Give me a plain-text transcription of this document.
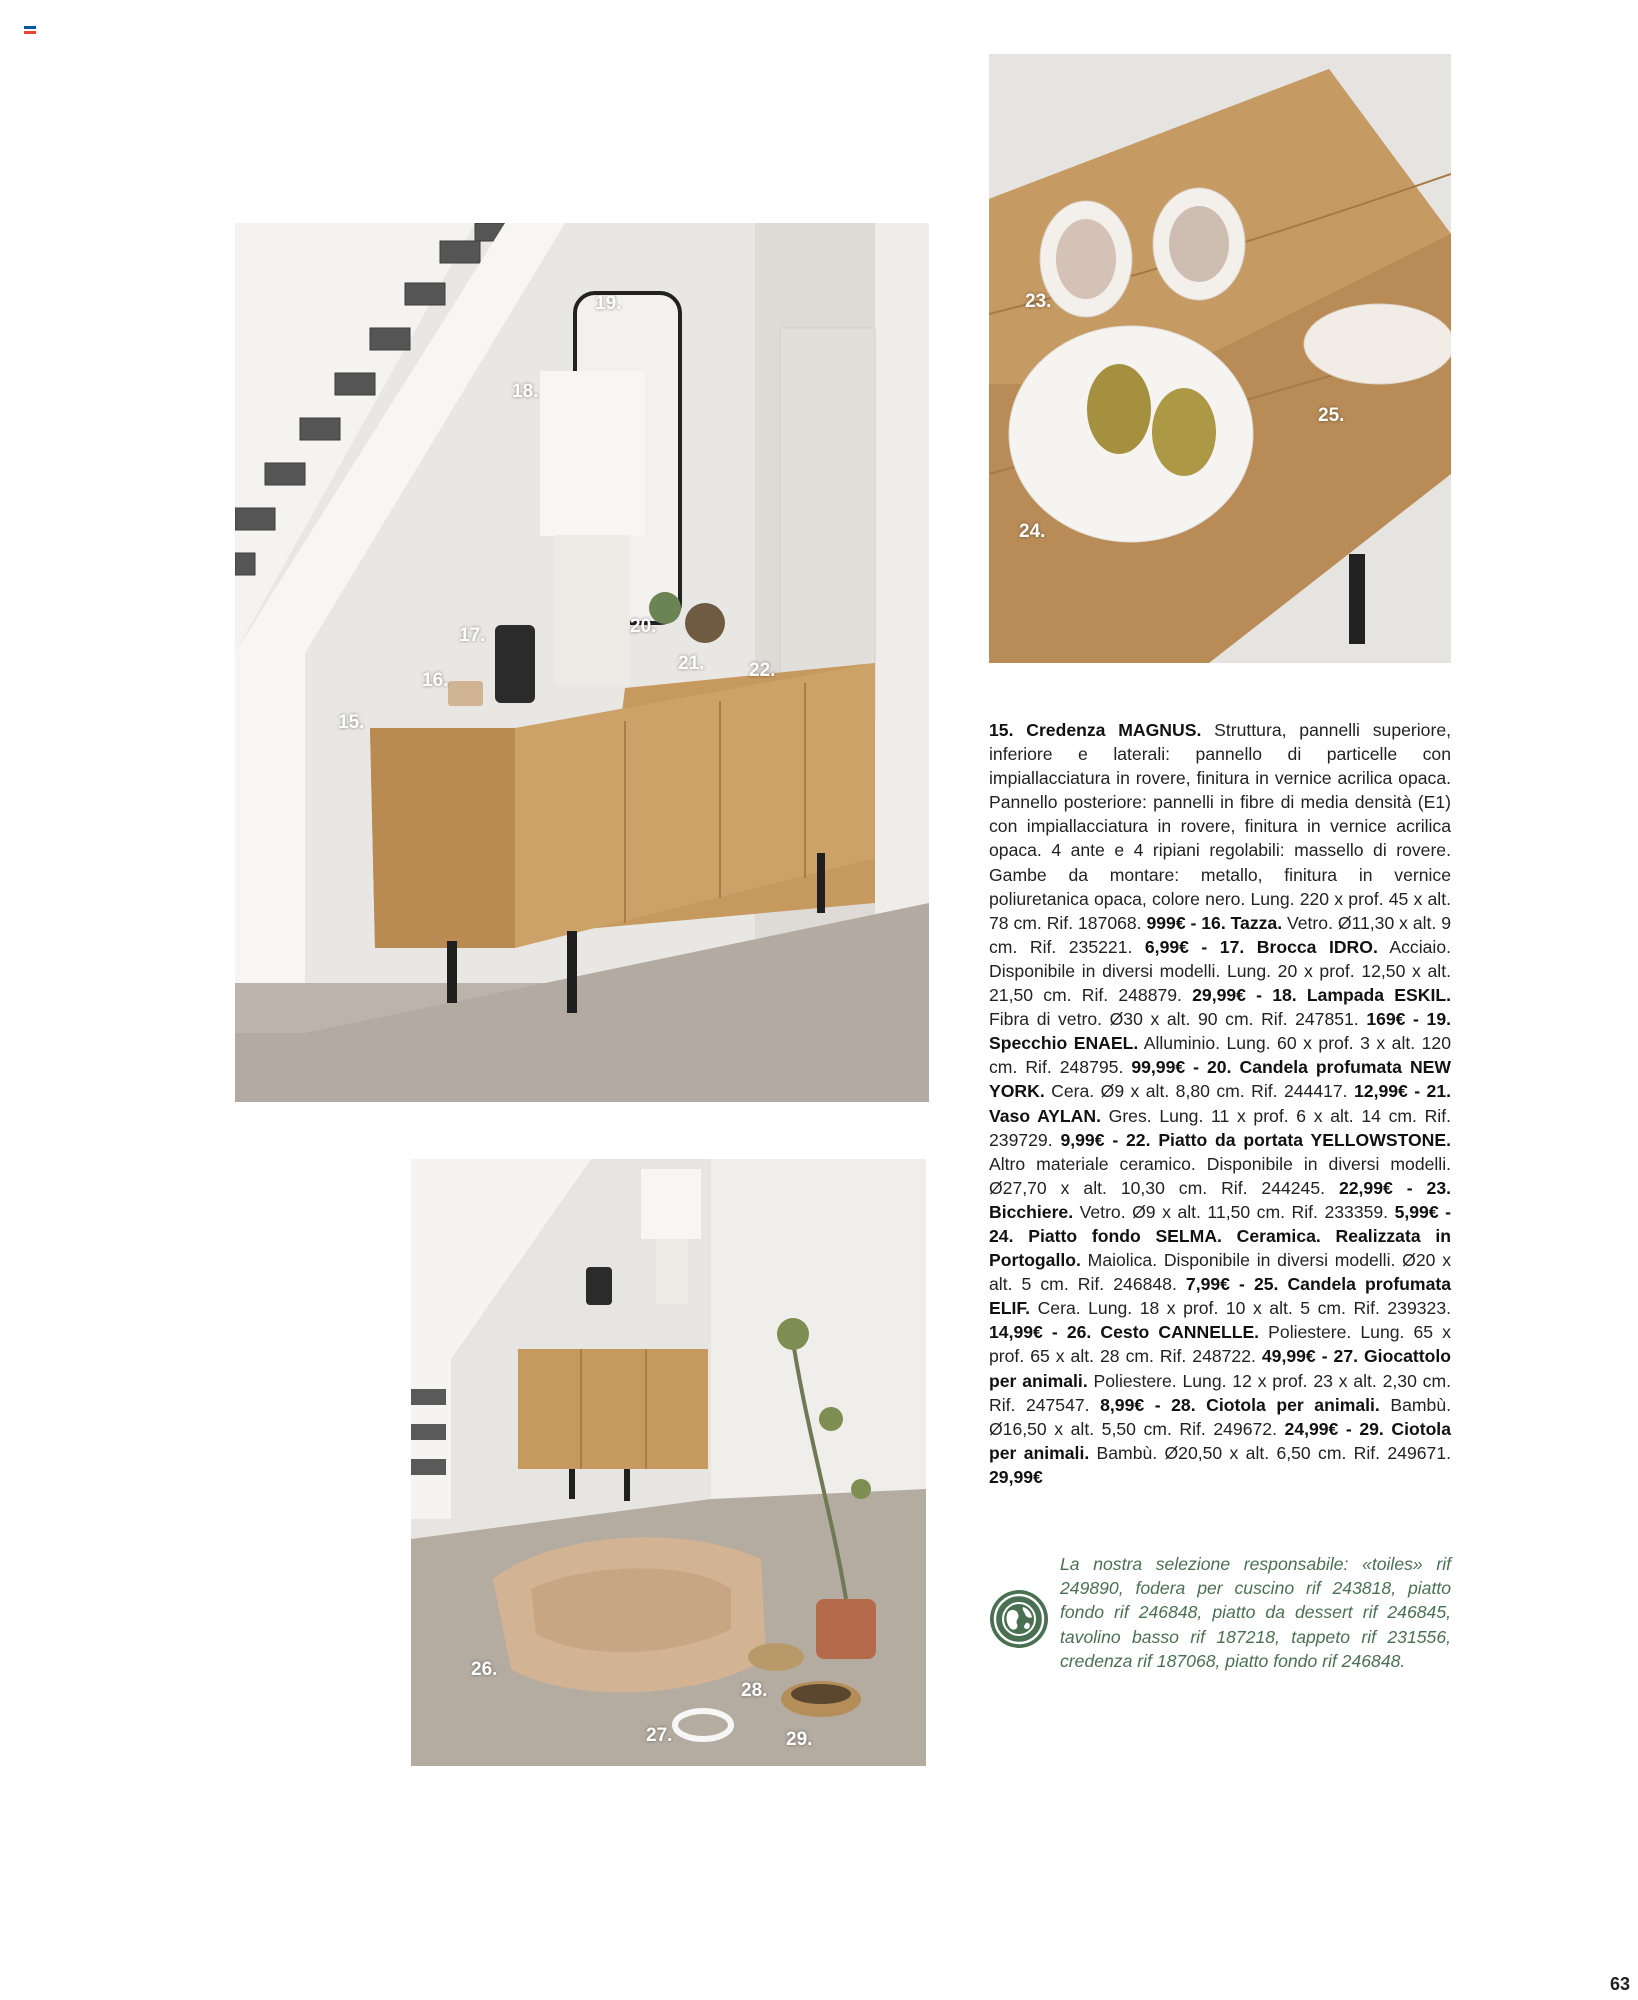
19.
18.
17.
16.
15.
20.
21. 22.
23.
25.
24.
26.
28.
27.	29.
15. Credenza MAGNUS. Struttura, pannelli superiore, inferiore e laterali: pannello di particelle con impiallacciatura in rovere, finitura in vernice acrilica opaca. Pannello posteriore: pannelli in fibre di media densità (E1) con impiallacciatura in rovere, finitura in vernice acrilica opaca. 4 ante e 4 ripiani regolabili: massello di rovere. Gambe da montare: metallo, finitura in vernice poliuretanica opaca, colore nero. Lung. 220 x prof. 45 x alt. 78 cm. Rif. 187068. 999€ - 16. Tazza. Vetro. Ø11,30 x alt. 9 cm. Rif. 235221. 6,99€ - 17. Brocca IDRO. Acciaio. Disponibile in diversi modelli. Lung. 20 x prof. 12,50 x alt. 21,50 cm. Rif. 248879. 29,99€ - 18. Lampada ESKIL. Fibra di vetro. Ø30 x alt. 90 cm. Rif. 247851. 169€ - 19. Specchio ENAEL. Alluminio. Lung. 60 x prof. 3 x alt. 120 cm. Rif. 248795. 99,99€ - 20. Candela profumata NEW YORK. Cera. Ø9 x alt. 8,80 cm. Rif. 244417. 12,99€ - 21. Vaso AYLAN. Gres. Lung. 11 x prof. 6 x alt. 14 cm. Rif. 239729. 9,99€ - 22. Piatto da portata YELLOWSTONE. Altro materiale ceramico. Disponibile in diversi modelli. Ø27,70 x alt. 10,30 cm. Rif. 244245. 22,99€ - 23. Bicchiere. Vetro. Ø9 x alt. 11,50 cm. Rif. 233359. 5,99€ - 24. Piatto fondo SELMA. Ceramica. Realizzata in Portogallo. Maiolica. Disponibile in diversi modelli. Ø20 x alt. 5 cm. Rif. 246848. 7,99€ - 25. Candela profumata ELIF. Cera. Lung. 18 x prof. 10 x alt. 5 cm. Rif. 239323. 14,99€ - 26. Cesto CANNELLE. Poliestere. Lung. 65 x prof. 65 x alt. 28 cm. Rif. 248722. 49,99€ - 27. Giocattolo per animali. Poliestere. Lung. 12 x prof. 23 x alt. 2,30 cm. Rif. 247547. 8,99€ - 28. Ciotola per animali. Bambù. Ø16,50 x alt. 5,50 cm. Rif. 249672. 24,99€ - 29. Ciotola per animali. Bambù. Ø20,50 x alt. 6,50 cm. Rif. 249671. 29,99€
La nostra selezione responsabile: «toiles» rif 249890, fodera per cuscino rif 243818, piatto fondo rif 246848, piatto da dessert rif 246845, tavolino basso rif 187218, tappeto rif 231556, credenza rif 187068, piatto fondo rif 246848.
63
